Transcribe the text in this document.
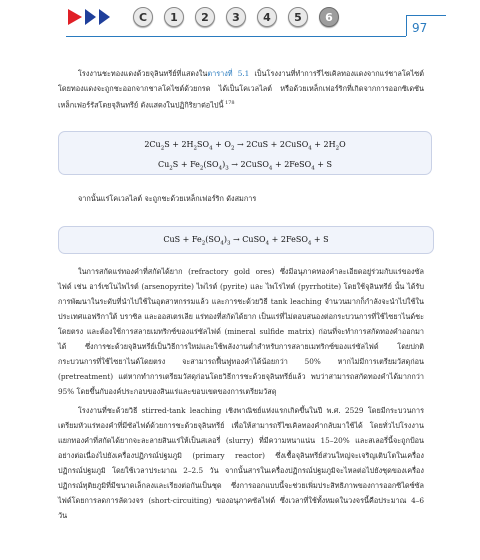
C	1	2	3	4	5	6
97
โรงงานชะทองแดงด้วยจุลินทรีย์ที่แสดงในตารางที่ 5.1 เป็นโรงงานที่ทำการรีไซเคิลทองแดงจากแร่ชาลโคไซต์ โดยทองแดงจะถูกชะออกจากชาลโคไซต์ด้วยกรด ได้เป็นโคเวลไลต์ หรือด้วยเหล็กเฟอร์ริกที่เกิดจากการออกซิเดชันเหล็กเฟอร์รัสโดยจุลินทรีย์ ดังแสดงในปฏิกิริยาต่อไปนี้ $^{178}$
$2Cu_2S + 2H_2SO_4 + O_2 \to 2CuS$ + 2CuSO$_4$ + $2H_2O$
$Cu_2S + Fe_2(SO_4)_3$ → 2CuSO$_4$ + 2FeSO$_4$ + S
จากนั้นแร่โคเวลไลต์ จะถูกชะด้วยเหล็กเฟอร์ริก ดังสมการ
CuS + $Fe_2(SO_4)_3$ → CuSO$_4$ + 2FeSO$_4$ + S
ในการสกัดแร่ทองคำที่สกัดได้ยาก (refractory gold ores) ซึ่งมีอนุภาคทองคำละเอียดอยู่ร่วมกับแร่ของซัลไฟด์ เช่น อาร์เซโนไพไรต์ (arsenopyrite) ไพไรต์ (pyrite) และ ไพโรไทต์ (pyrrhotite) โดยใช้จุลินทรีย์ นั้น ได้รับการพัฒนาในระดับที่นำไปใช้ในอุตสาหกรรมแล้ว และการชะด้วยวิธี tank leaching จำนวนมากก็กำลังจะนำไปใช้ในประเทศแอฟริกาใต้ บราซิล และออสเตรเลีย แร่ทองที่สกัดได้ยาก เป็นแร่ที่ไม่ตอบสนองต่อกระบวนการที่ใช้ไซยาไนด์ชะโดยตรง และต้องใช้การสลายเมทริกซ์ของแร่ซัลไฟด์ (mineral sulfide matrix) ก่อนที่จะทำการสกัดทองคำออกมาได้ ซึ่งการชะด้วยจุลินทรีย์เป็นวิธีการใหม่และใช้พลังงานต่ำสำหรับการสลายเมทริกซ์ของแร่ซัลไฟด์ โดยปกติกระบวนการที่ใช้ไซยาไนด์โดยตรง จะสามารถฟื้นฟูทองคำได้น้อยกว่า 50% หากไม่มีการเตรียมวัสดุก่อน (pretreatment) แต่หากทำการเตรียมวัสดุก่อนโดยวิธีการชะด้วยจุลินทรีย์แล้ว พบว่าสามารถสกัดทองคำได้มากกว่า 95% โดยขึ้นกับองค์ประกอบของสินแร่และขอบเขตของการเตรียมวัสดุ
โรงงานที่ชะด้วยวิธี stirred-tank leaching เชิงพาณิชย์แห่งแรกเกิดขึ้นในปี พ.ศ. 2529 โดยมีกระบวนการเตรียมหัวแร่ทองคำที่มีซัลไฟด์ด้วยการชะด้วยจุลินทรีย์ เพื่อให้สามารถรีไซเคิลทองคำกลับมาใช้ได้ โดยทั่วไปโรงงานแยกทองคำที่สกัดได้ยากจะละลายสินแร่ให้เป็นสเลอรี่ (slurry) ที่มีความหนาแน่น 15–20% และสเลอรี่นี้จะถูกป้อนอย่างต่อเนื่องไปยังเครื่องปฏิกรณ์ปฐมภูมิ (primary reactor) ซึ่งเชื้อจุลินทรีย์ส่วนใหญ่จะเจริญเติบโตในเครื่องปฏิกรณ์ปฐมภูมิ โดยใช้เวลาประมาณ 2–2.5 วัน จากนั้นสารในเครื่องปฏิกรณ์ปฐมภูมิจะไหลต่อไปยังชุดของเครื่องปฏิกรณ์ทุติยภูมิที่มีขนาดเล็กลงและเรียงต่อกันเป็นชุด ซึ่งการออกแบบนี้จะช่วยเพิ่มประสิทธิภาพของการออกซิไดซ์ซัลไฟด์โดยการลดการลัดวงจร (short-circuiting) ของอนุภาคซัลไฟด์ ซึ่งเวลาที่ใช้ทั้งหมดในวงจรนี้คือประมาณ 4–6 วัน
